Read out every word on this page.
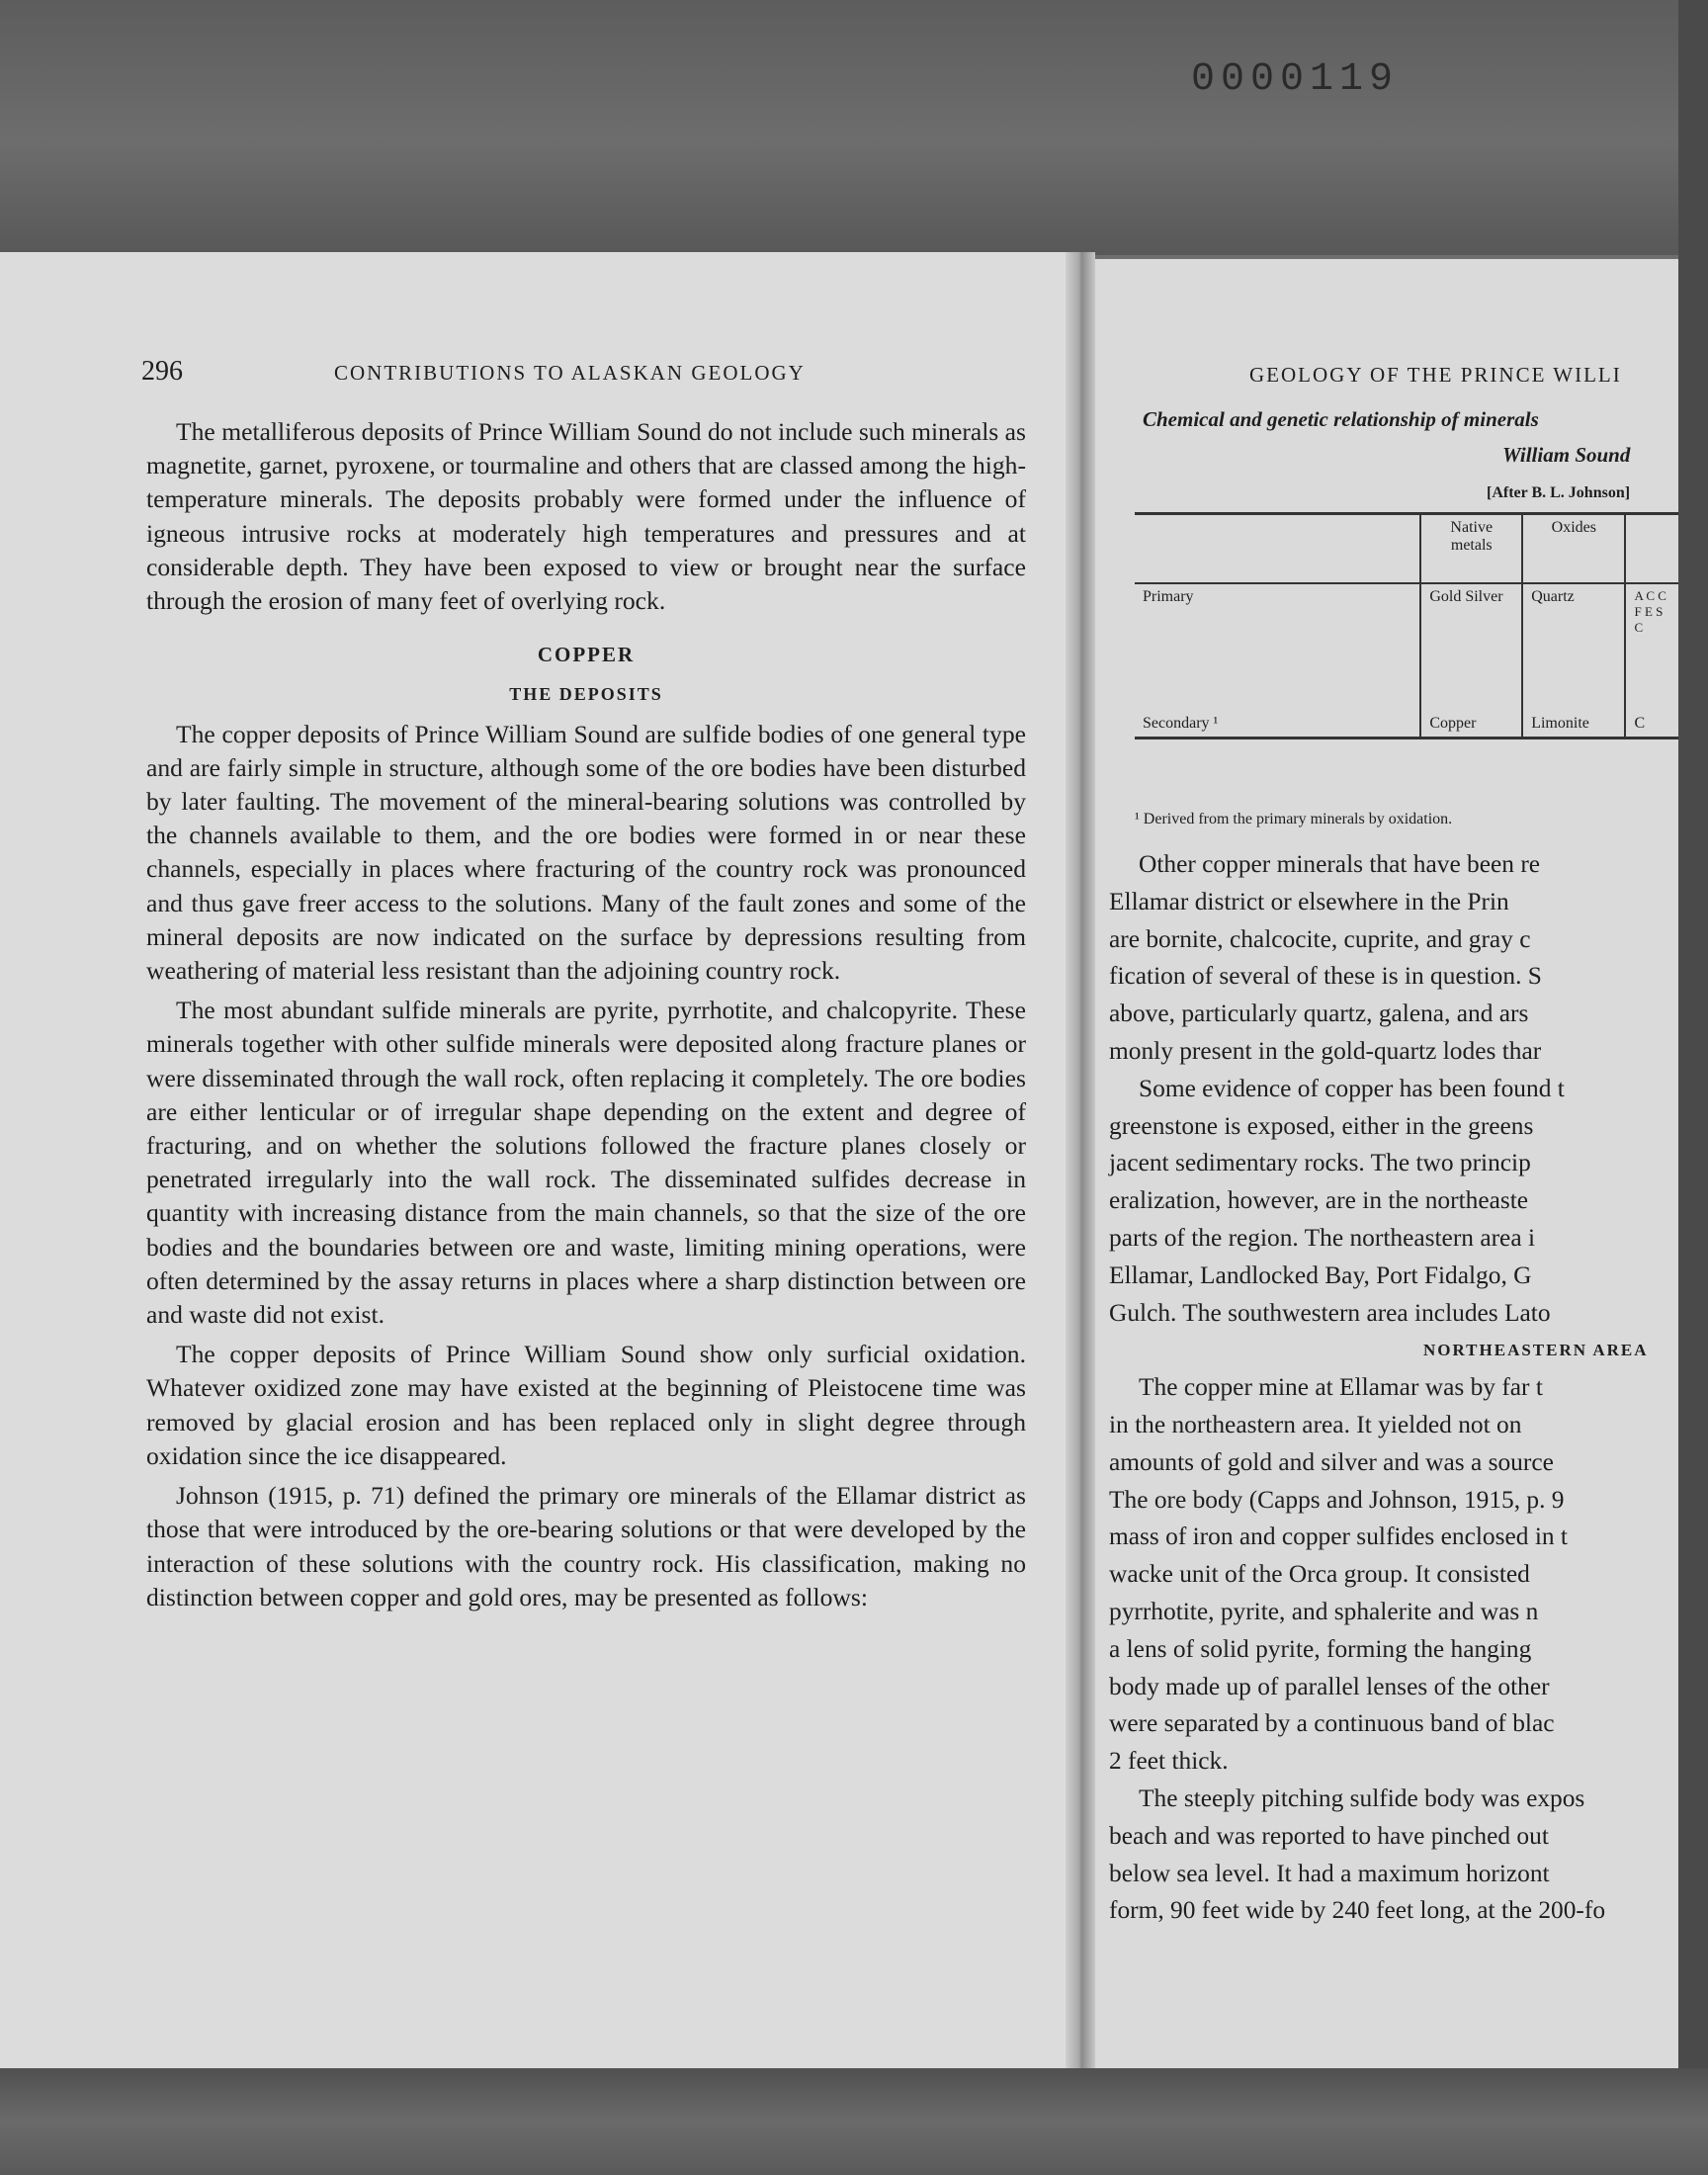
0000119
296	CONTRIBUTIONS TO ALASKAN GEOLOGY

The metalliferous deposits of Prince William Sound do not include such minerals as magnetite, garnet, pyroxene, or tourmaline and others that are classed among the high-temperature minerals. The deposits probably were formed under the influence of igneous intrusive rocks at moderately high temperatures and pressures and at considerable depth. They have been exposed to view or brought near the surface through the erosion of many feet of overlying rock.

COPPER

THE DEPOSITS

The copper deposits of Prince William Sound are sulfide bodies of one general type and are fairly simple in structure, although some of the ore bodies have been disturbed by later faulting. The movement of the mineral-bearing solutions was controlled by the channels available to them, and the ore bodies were formed in or near these channels, especially in places where fracturing of the country rock was pronounced and thus gave freer access to the solutions. Many of the fault zones and some of the mineral deposits are now indicated on the surface by depressions resulting from weathering of material less resistant than the adjoining country rock.

The most abundant sulfide minerals are pyrite, pyrrhotite, and chalcopyrite. These minerals together with other sulfide minerals were deposited along fracture planes or were disseminated through the wall rock, often replacing it completely. The ore bodies are either lenticular or of irregular shape depending on the extent and degree of fracturing, and on whether the solutions followed the fracture planes closely or penetrated irregularly into the wall rock. The disseminated sulfides decrease in quantity with increasing distance from the main channels, so that the size of the ore bodies and the boundaries between ore and waste, limiting mining operations, were often determined by the assay returns in places where a sharp distinction between ore and waste did not exist.

The copper deposits of Prince William Sound show only surficial oxidation. Whatever oxidized zone may have existed at the beginning of Pleistocene time was removed by glacial erosion and has been replaced only in slight degree through oxidation since the ice disappeared.

Johnson (1915, p. 71) defined the primary ore minerals of the Ellamar district as those that were introduced by the ore-bearing solutions or that were developed by the interaction of these solutions with the country rock. His classification, making no distinction between copper and gold ores, may be presented as follows:

GEOLOGY OF THE PRINCE WILLI
Chemical and genetic relationship of minerals
William Sound
[After B. L. Johnson]
	Native metals	Oxides	
Primary	Gold Silver	Quartz	A C C F E S C
Secondary ¹	Copper	Limonite	C
¹ Derived from the primary minerals by oxidation.

Other copper minerals that have been re

Ellamar district or elsewhere in the Prin

are bornite, chalcocite, cuprite, and gray c

fication of several of these is in question. S

above, particularly quartz, galena, and ars

monly present in the gold-quartz lodes thar

Some evidence of copper has been found t

greenstone is exposed, either in the greens

jacent sedimentary rocks. The two princip

eralization, however, are in the northeaste

parts of the region. The northeastern area i

Ellamar, Landlocked Bay, Port Fidalgo, G

Gulch. The southwestern area includes Lato

NORTHEASTERN AREA

The copper mine at Ellamar was by far t

in the northeastern area. It yielded not on

amounts of gold and silver and was a source

The ore body (Capps and Johnson, 1915, p. 9

mass of iron and copper sulfides enclosed in t

wacke unit of the Orca group. It consisted

pyrrhotite, pyrite, and sphalerite and was n

a lens of solid pyrite, forming the hanging

body made up of parallel lenses of the other

were separated by a continuous band of blac

2 feet thick.

The steeply pitching sulfide body was expos

beach and was reported to have pinched out

below sea level. It had a maximum horizont

form, 90 feet wide by 240 feet long, at the 200-fo
